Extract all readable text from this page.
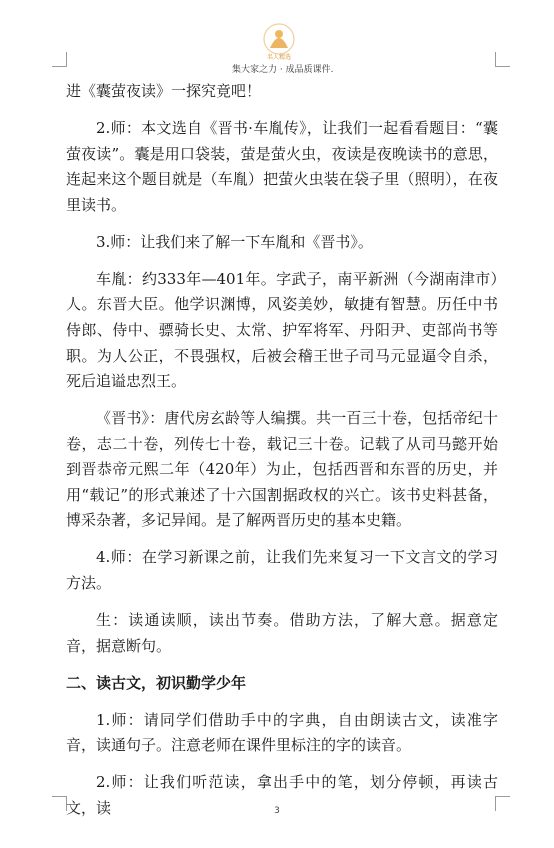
名人精选
集大家之力 · 成品质课件.

进《囊萤夜读》一探究竟吧！

2.师：本文选自《晋书·车胤传》，让我们一起看看题目：“囊萤夜读”。囊是用口袋装，萤是萤火虫，夜读是夜晚读书的意思，连起来这个题目就是（车胤）把萤火虫装在袋子里（照明），在夜里读书。

3.师：让我们来了解一下车胤和《晋书》。

车胤：约333年—401年。字武子，南平新洲（今湖南津市）人。东晋大臣。他学识渊博，风姿美妙，敏捷有智慧。历任中书侍郎、侍中、骠骑长史、太常、护军将军、丹阳尹、吏部尚书等职。为人公正，不畏强权，后被会稽王世子司马元显逼令自杀，死后追谥忠烈王。

《晋书》：唐代房玄龄等人编撰。共一百三十卷，包括帝纪十卷，志二十卷，列传七十卷，载记三十卷。记载了从司马懿开始到晋恭帝元熙二年（420年）为止，包括西晋和东晋的历史，并用“载记”的形式兼述了十六国割据政权的兴亡。该书史料甚备，博采杂著，多记异闻。是了解两晋历史的基本史籍。

4.师：在学习新课之前，让我们先来复习一下文言文的学习方法。

生：读通读顺，读出节奏。借助方法，了解大意。据意定音，据意断句。

二、读古文，初识勤学少年

1.师：请同学们借助手中的字典，自由朗读古文，读准字音，读通句子。注意老师在课件里标注的字的读音。

2.师：让我们听范读，拿出手中的笔，划分停顿，再读古文，读	3
